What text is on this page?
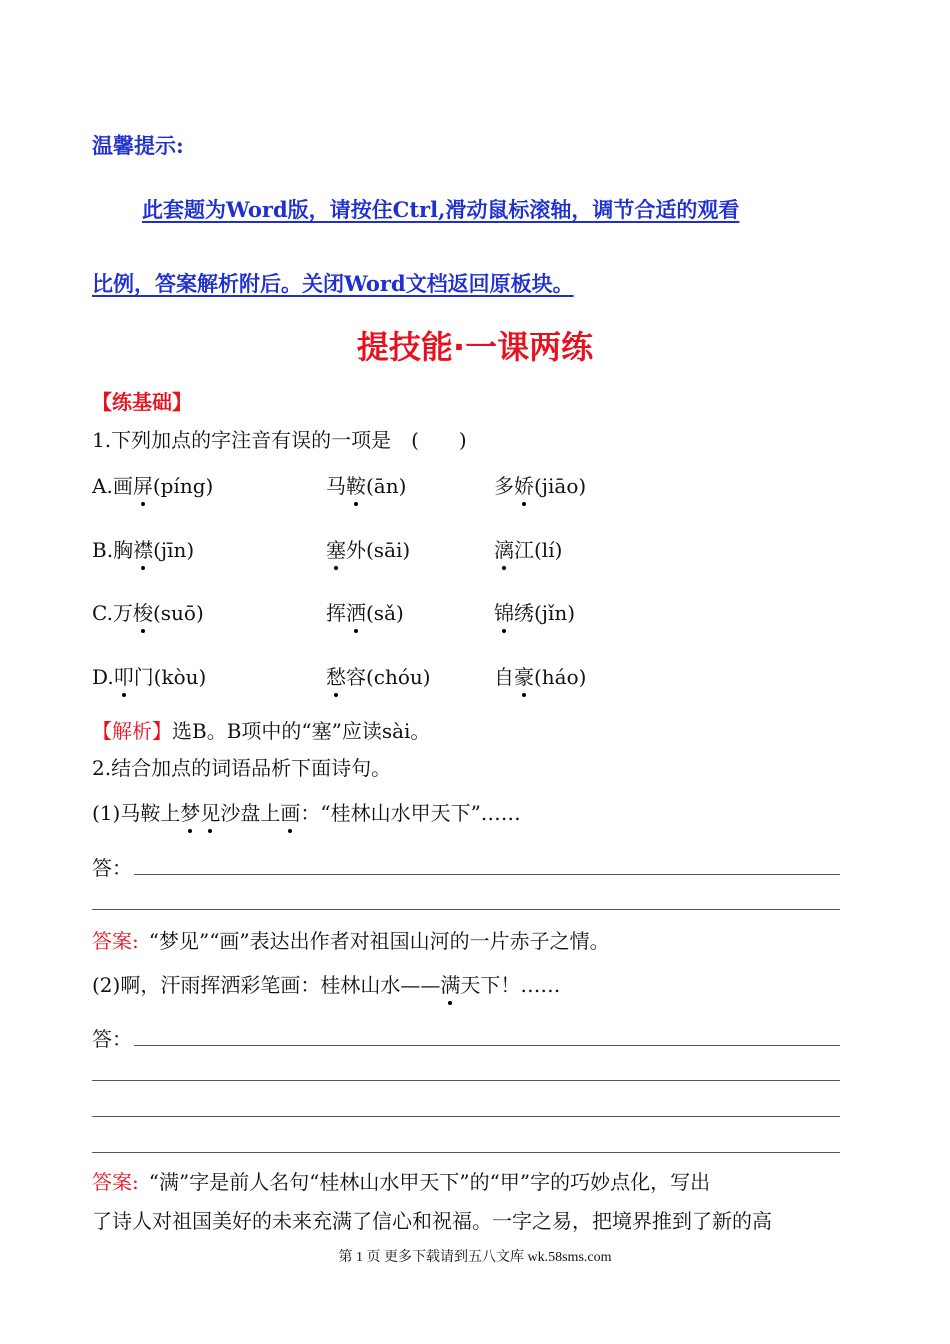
温馨提示:
此套题为Word版，请按住Ctrl,滑动鼠标滚轴，调节合适的观看
比例，答案解析附后。关闭Word文档返回原板块。
提技能·一课两练
【练基础】
1.下列加点的字注音有误的一项是　(　　)
A.画屏(píng)	马鞍(ān)	多娇(jiāo)
B.胸襟(jīn)	塞外(sāi)	漓江(lí)
C.万梭(suō)	挥洒(sǎ)	锦绣(jǐn)
D.叩门(kòu)	愁容(chóu)	自豪(háo)
【解析】选B。B项中的“塞”应读sài。
2.结合加点的词语品析下面诗句。
(1)马鞍上梦见沙盘上画：“桂林山水甲天下”……
答：
答案: “梦见”“画”表达出作者对祖国山河的一片赤子之情。
(2)啊，汗雨挥洒彩笔画：桂林山水——满天下！……
答：
答案: “满”字是前人名句“桂林山水甲天下”的“甲”字的巧妙点化，写出
了诗人对祖国美好的未来充满了信心和祝福。一字之易，把境界推到了新的高
第 1 页 更多下载请到五八文库 wk.58sms.com
